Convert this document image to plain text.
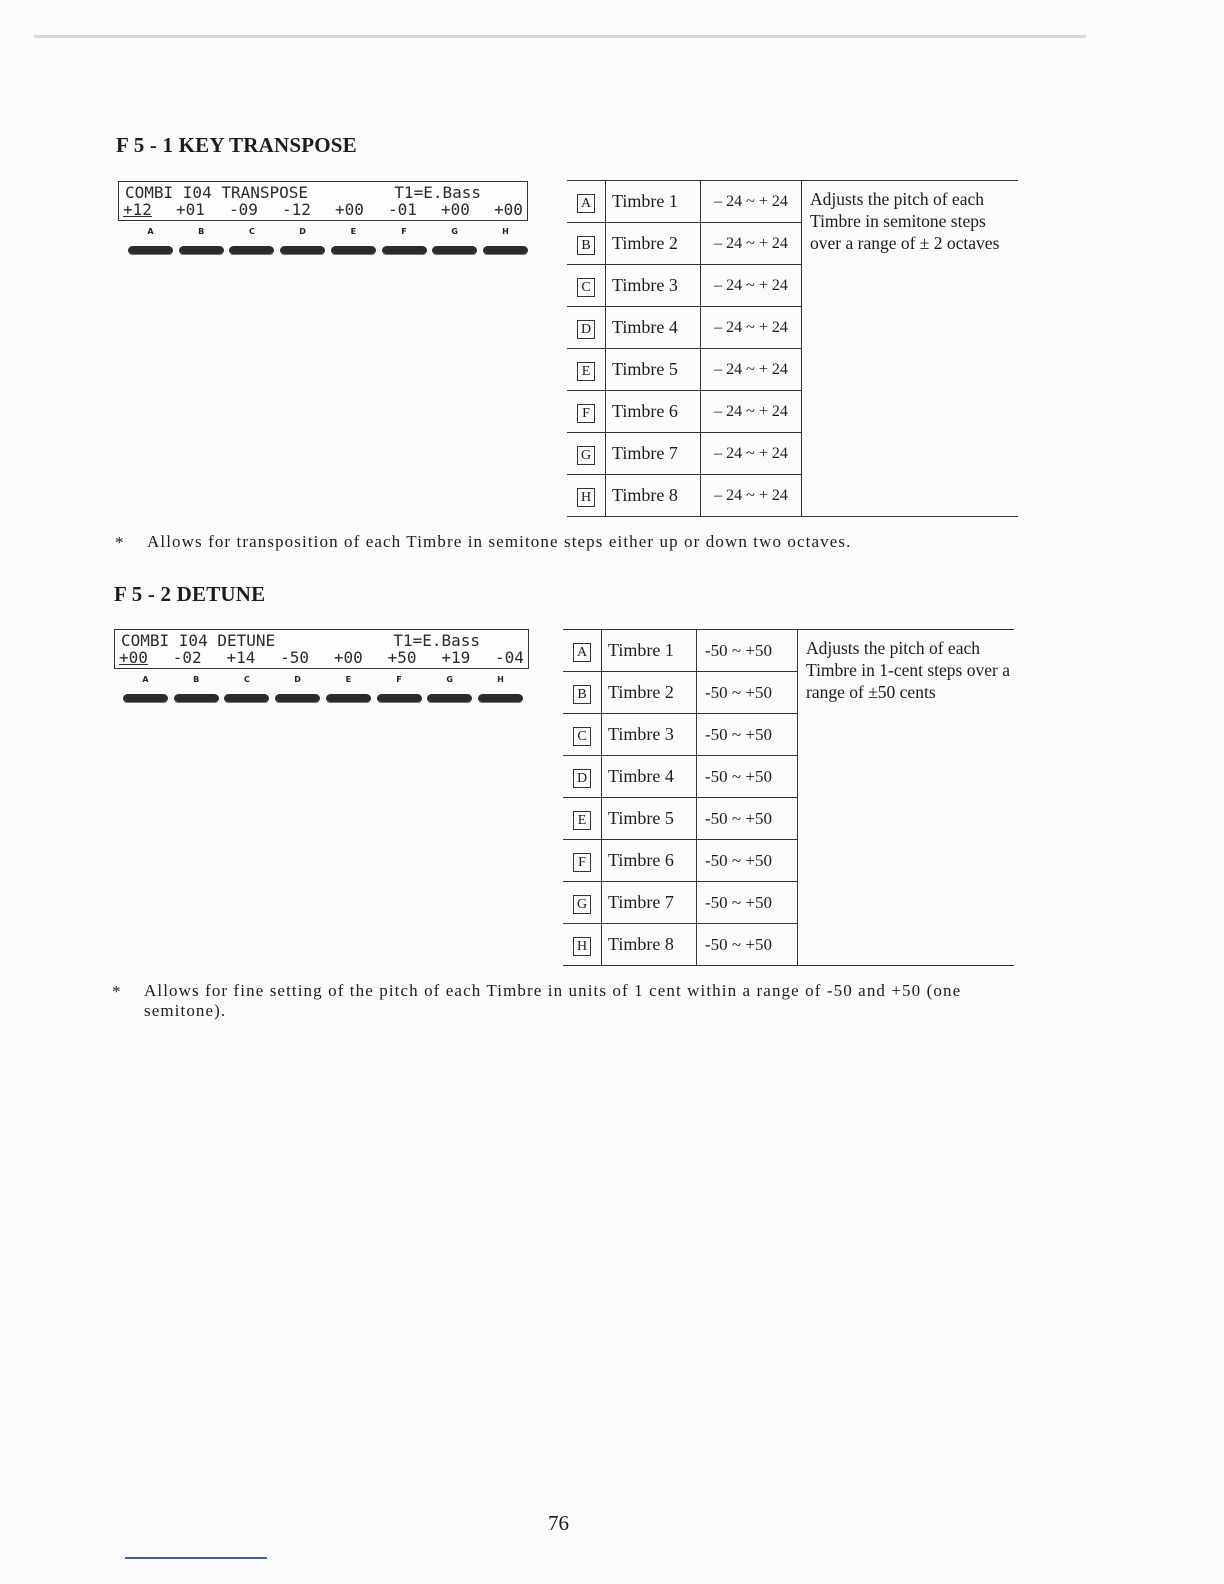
F 5 - 1 KEY TRANSPOSE
COMBI I04 TRANSPOSE	T1=E.Bass
+12 +01 -09 -12 +00 -01 +00 +00
A	B	C	D	E	F	G	H
A	Timbre 1	– 24 ~ + 24	Adjusts the pitch of each Timbre in semitone steps over a range of ± 2 octaves
B	Timbre 2	– 24 ~ + 24	
C	Timbre 3	– 24 ~ + 24	
D	Timbre 4	– 24 ~ + 24	
E	Timbre 5	– 24 ~ + 24	
F	Timbre 6	– 24 ~ + 24	
G	Timbre 7	– 24 ~ + 24	
H	Timbre 8	– 24 ~ + 24	

* Allows for transposition of each Timbre in semitone steps either up or down two octaves.

F 5 - 2 DETUNE
COMBI I04 DETUNE	T1=E.Bass
+00 -02 +14 -50 +00 +50 +19 -04
A	B	C	D	E	F	G	H
A	Timbre 1	-50 ~ +50	Adjusts the pitch of each Timbre in 1-cent steps over a range of ±50 cents
B	Timbre 2	-50 ~ +50	
C	Timbre 3	-50 ~ +50	
D	Timbre 4	-50 ~ +50	
E	Timbre 5	-50 ~ +50	
F	Timbre 6	-50 ~ +50	
G	Timbre 7	-50 ~ +50	
H	Timbre 8	-50 ~ +50	

* Allows for fine setting of the pitch of each Timbre in units of 1 cent within a range of -50 and +50 (one semitone).

76
